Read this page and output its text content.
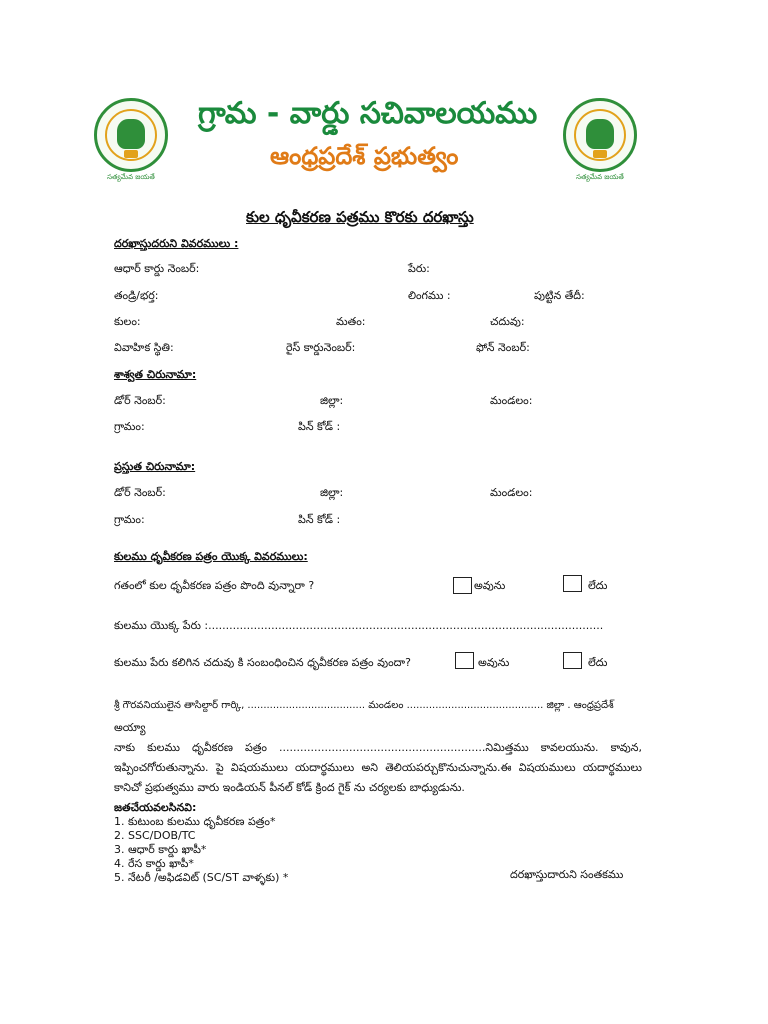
సత్యమేవ జయతే	సత్యమేవ జయతే
గ్రామ - వార్డు సచివాలయము
ఆంధ్రప్రదేశ్ ప్రభుత్వం
కుల ధృవీకరణ పత్రము కొరకు దరఖాస్తు
దరఖాస్తుదరుని వివరములు :
ఆధార్ కార్డు నెంబర్:	పేరు:
తండ్రి/భర్త:	లింగము :	పుట్టిన తేదీ:
కులం:	మతం:	చదువు:
వివాహిక స్థితి:	రైస్ కార్డునెంబర్:	ఫోన్ నెంబర్:
శాశ్వత చిరునామా:
డోర్ నెంబర్:	జిల్లా:	మండలం:
గ్రామం:	పిన్ కోడ్ :
ప్రస్తుత చిరునామా:
డోర్ నెంబర్:	జిల్లా:	మండలం:
గ్రామం:	పిన్ కోడ్ :
కులము ధృవీకరణ పత్రం యొక్క వివరములు:
గతంలో కుల ధృవీకరణ పత్రం పొంది వున్నారా ?	అవును	లేదు
కులము యొక్క పేరు :.................................................................................................................
కులము పేరు కలిగిన చదువు కి సంబంధించిన ధృవీకరణ పత్రం వుందా?	అవును	లేదు
శ్రీ గౌరవనియులైన తాసిల్దార్ గార్కి, ..................................... మండలం ........................................... జిల్లా . ఆంధ్రప్రదేశ్
అయ్యా
నాకు కులము ధృవీకరణ పత్రం ...........................................................నిమిత్తము కావలయును. కావున, ఇప్పించగోరుతున్నాను. పై విషయములు యదార్థములు అని తెలియపర్చుకొనుచున్నాను.ఈ విషయములు యదార్థములు కానిచో ప్రభుత్వము వారు ఇండియన్ పీనల్ కోడ్ క్రింద గైక్ ను చర్యలకు బాధ్యుడును.
జతచేయవలసినవి:
1. కుటుంబ కులము ధృవీకరణ పత్రం*
2. SSC/DOB/TC
3. ఆధార్ కార్డు ఖాపీ*
4. రేస కార్డు ఖాపీ*
5. నేటరీ /అఫిడవిట్ (SC/ST వాళ్ళకు) *	దరఖాస్తుదారుని సంతకము
